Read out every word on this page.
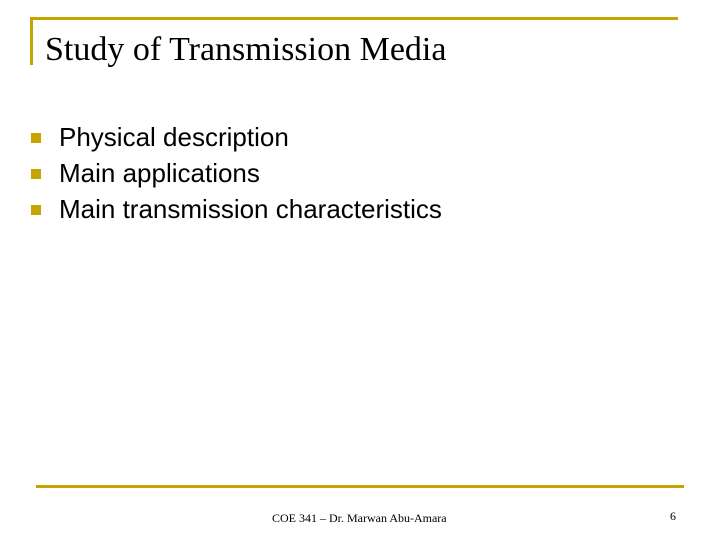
Study of Transmission Media
Physical description
Main applications
Main transmission characteristics
COE 341 – Dr. Marwan Abu-Amara	6
